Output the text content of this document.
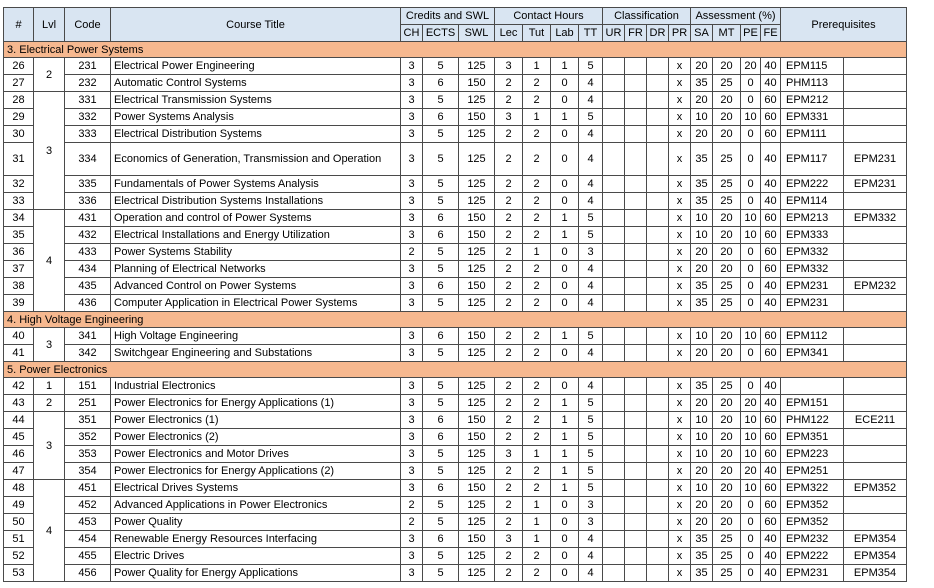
#	Lvl	Code	Course Title	Credits and SWL			Contact Hours				Classification				Assessment (%)				Prerequisites	
				CH	ECTS	SWL	Lec	Tut	Lab	TT	UR	FR	DR	PR	SA	MT	PE	FE		
3. Electrical Power Systems																				
26	2	231	Electrical Power Engineering	3	5	125	3	1	1	5				x	20	20	20	40	EPM115	
27		232	Automatic Control Systems	3	6	150	2	2	0	4				x	35	25	0	40	PHM113	
28	3	331	Electrical Transmission Systems	3	5	125	2	2	0	4				x	20	20	0	60	EPM212	
29		332	Power Systems Analysis	3	6	150	3	1	1	5				x	10	20	10	60	EPM331	
30		333	Electrical Distribution Systems	3	5	125	2	2	0	4				x	20	20	0	60	EPM111	
31		334	Economics of Generation, Transmission and Operation	3	5	125	2	2	0	4				x	35	25	0	40	EPM117	EPM231
32		335	Fundamentals of Power Systems Analysis	3	5	125	2	2	0	4				x	35	25	0	40	EPM222	EPM231
33		336	Electrical Distribution Systems Installations	3	5	125	2	2	0	4				x	35	25	0	40	EPM114	
34	4	431	Operation and control of Power Systems	3	6	150	2	2	1	5				x	10	20	10	60	EPM213	EPM332
35		432	Electrical Installations and Energy Utilization	3	6	150	2	2	1	5				x	10	20	10	60	EPM333	
36		433	Power Systems Stability	2	5	125	2	1	0	3				x	20	20	0	60	EPM332	
37		434	Planning of Electrical Networks	3	5	125	2	2	0	4				x	20	20	0	60	EPM332	
38		435	Advanced Control on Power Systems	3	6	150	2	2	0	4				x	35	25	0	40	EPM231	EPM232
39		436	Computer Application in Electrical Power Systems	3	5	125	2	2	0	4				x	35	25	0	40	EPM231	
4. High Voltage Engineering																				
40	3	341	High Voltage Engineering	3	6	150	2	2	1	5				x	10	20	10	60	EPM112	
41		342	Switchgear Engineering and Substations	3	5	125	2	2	0	4				x	20	20	0	60	EPM341	
5. Power Electronics																				
42	1	151	Industrial Electronics	3	5	125	2	2	0	4				x	35	25	0	40		
43	2	251	Power Electronics for Energy Applications (1)	3	5	125	2	2	1	5				x	20	20	20	40	EPM151	
44	3	351	Power Electronics (1)	3	6	150	2	2	1	5				x	10	20	10	60	PHM122	ECE211
45		352	Power Electronics (2)	3	6	150	2	2	1	5				x	10	20	10	60	EPM351	
46		353	Power Electronics and Motor Drives	3	5	125	3	1	1	5				x	10	20	10	60	EPM223	
47		354	Power Electronics for Energy Applications (2)	3	5	125	2	2	1	5				x	20	20	20	40	EPM251	
48	4	451	Electrical Drives Systems	3	6	150	2	2	1	5				x	10	20	10	60	EPM322	EPM352
49		452	Advanced Applications in Power Electronics	2	5	125	2	1	0	3				x	20	20	0	60	EPM352	
50		453	Power Quality	2	5	125	2	1	0	3				x	20	20	0	60	EPM352	
51		454	Renewable Energy Resources Interfacing	3	6	150	3	1	0	4				x	35	25	0	40	EPM232	EPM354
52		455	Electric Drives	3	5	125	2	2	0	4				x	35	25	0	40	EPM222	EPM354
53		456	Power Quality for Energy Applications	3	5	125	2	2	0	4				x	35	25	0	40	EPM231	EPM354
